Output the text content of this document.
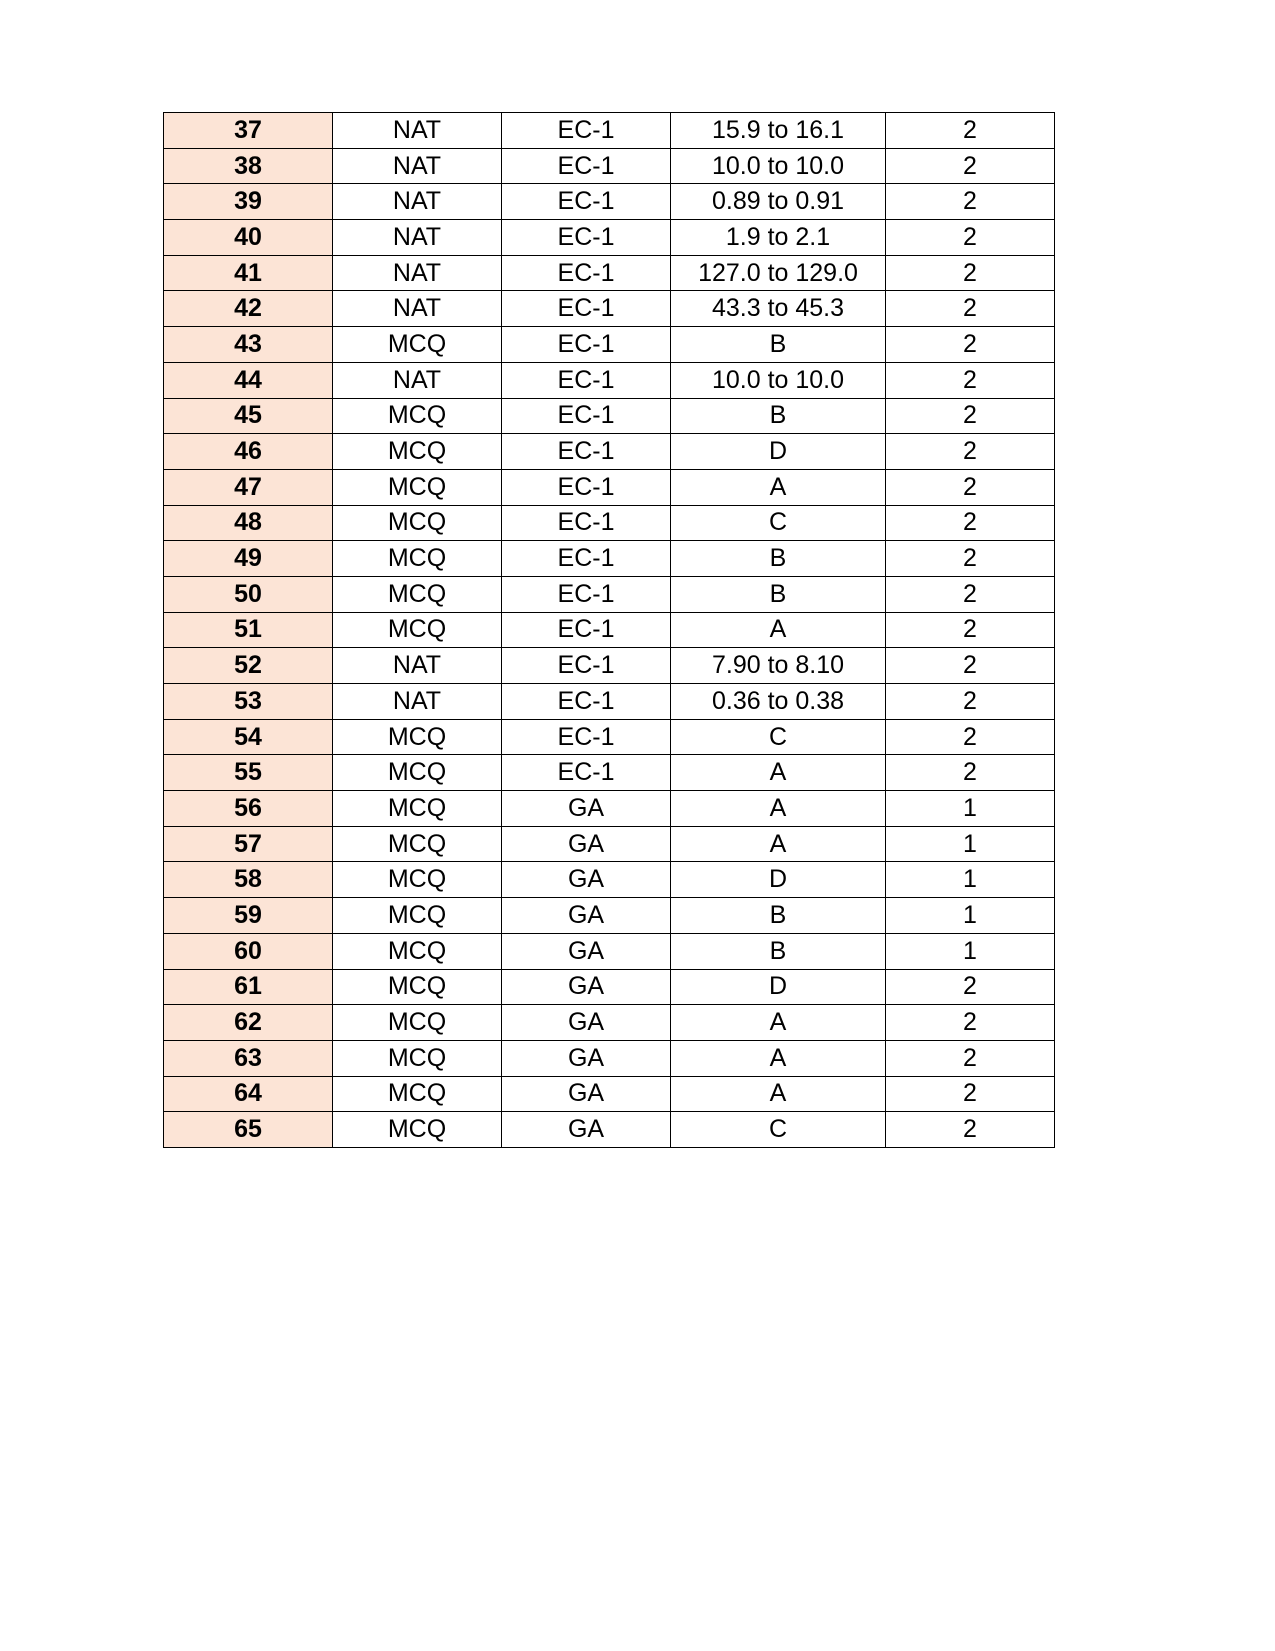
37	NAT	EC-1	15.9 to 16.1	2
38	NAT	EC-1	10.0 to 10.0	2
39	NAT	EC-1	0.89 to 0.91	2
40	NAT	EC-1	1.9 to 2.1	2
41	NAT	EC-1	127.0 to 129.0	2
42	NAT	EC-1	43.3 to 45.3	2
43	MCQ	EC-1	B	2
44	NAT	EC-1	10.0 to 10.0	2
45	MCQ	EC-1	B	2
46	MCQ	EC-1	D	2
47	MCQ	EC-1	A	2
48	MCQ	EC-1	C	2
49	MCQ	EC-1	B	2
50	MCQ	EC-1	B	2
51	MCQ	EC-1	A	2
52	NAT	EC-1	7.90 to 8.10	2
53	NAT	EC-1	0.36 to 0.38	2
54	MCQ	EC-1	C	2
55	MCQ	EC-1	A	2
56	MCQ	GA	A	1
57	MCQ	GA	A	1
58	MCQ	GA	D	1
59	MCQ	GA	B	1
60	MCQ	GA	B	1
61	MCQ	GA	D	2
62	MCQ	GA	A	2
63	MCQ	GA	A	2
64	MCQ	GA	A	2
65	MCQ	GA	C	2
